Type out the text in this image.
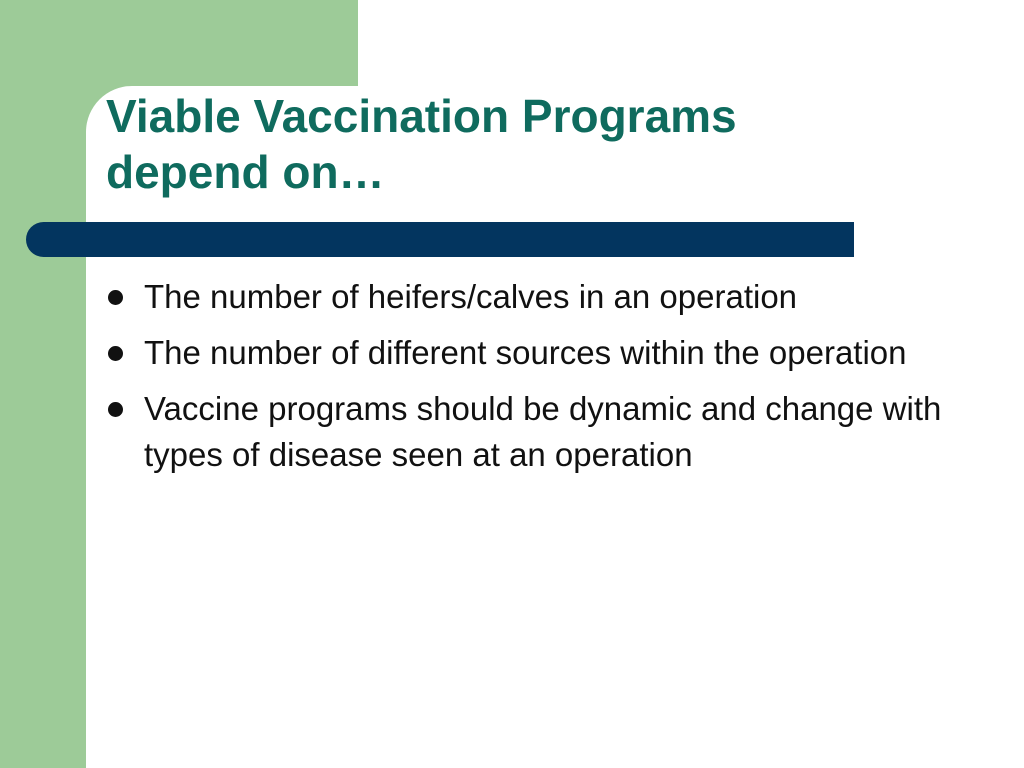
Viable Vaccination Programs
depend on…
The number of heifers/calves in an operation
The number of different sources within the operation
Vaccine programs should be dynamic and change with types of disease seen at an operation
